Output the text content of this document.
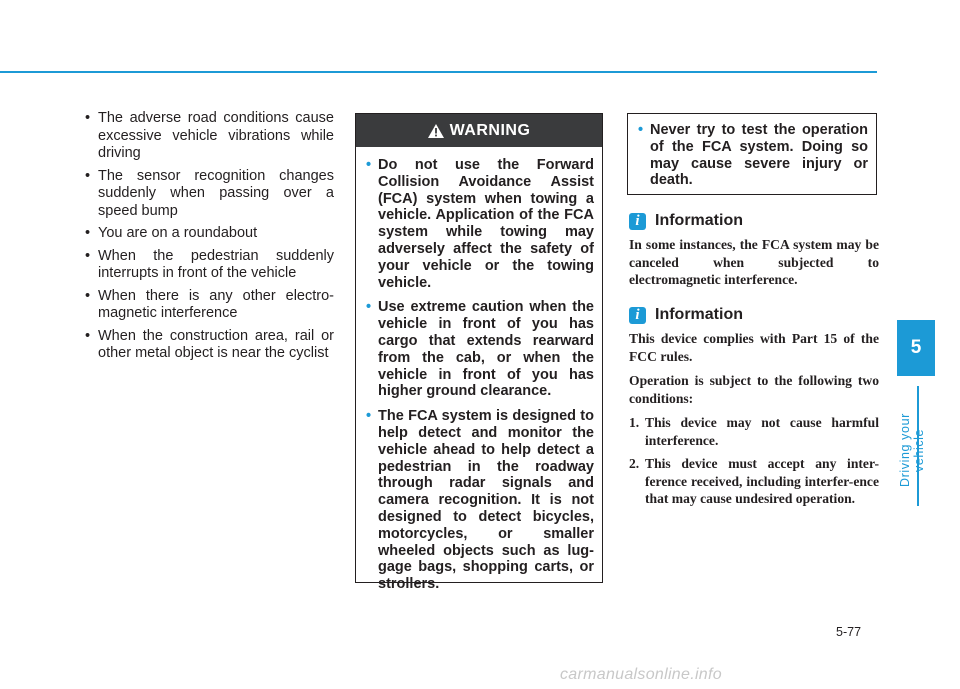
• The adverse road conditions cause excessive vehicle vibrations while driving
• The sensor recognition changes suddenly when passing over a speed bump
• You are on a roundabout
• When the pedestrian suddenly interrupts in front of the vehicle
• When there is any other electro-magnetic interference
• When the construction area, rail or other metal object is near the cyclist
WARNING
• Do not use the Forward Collision Avoidance Assist (FCA) system when towing a vehicle. Application of the FCA system while towing may adversely affect the safety of your vehicle or the towing vehicle.
• Use extreme caution when the vehicle in front of you has cargo that extends rearward from the cab, or when the vehicle in front of you has higher ground clearance.
• The FCA system is designed to help detect and monitor the vehicle ahead to help detect a pedestrian in the roadway through radar signals and camera recognition. It is not designed to detect bicycles, motorcycles, or smaller wheeled objects such as lug-gage bags, shopping carts, or strollers.
• Never try to test the operation of the FCA system. Doing so may cause severe injury or death.
i Information

In some instances, the FCA system may be canceled when subjected to electromagnetic interference.

i Information

This device complies with Part 15 of the FCC rules.

Operation is subject to the following two conditions:

1. This device may not cause harmful interference.
2. This device must accept any inter-ference received, including interfer-ence that may cause undesired operation.
5
Driving your vehicle
5-77
carmanualsonline.info
